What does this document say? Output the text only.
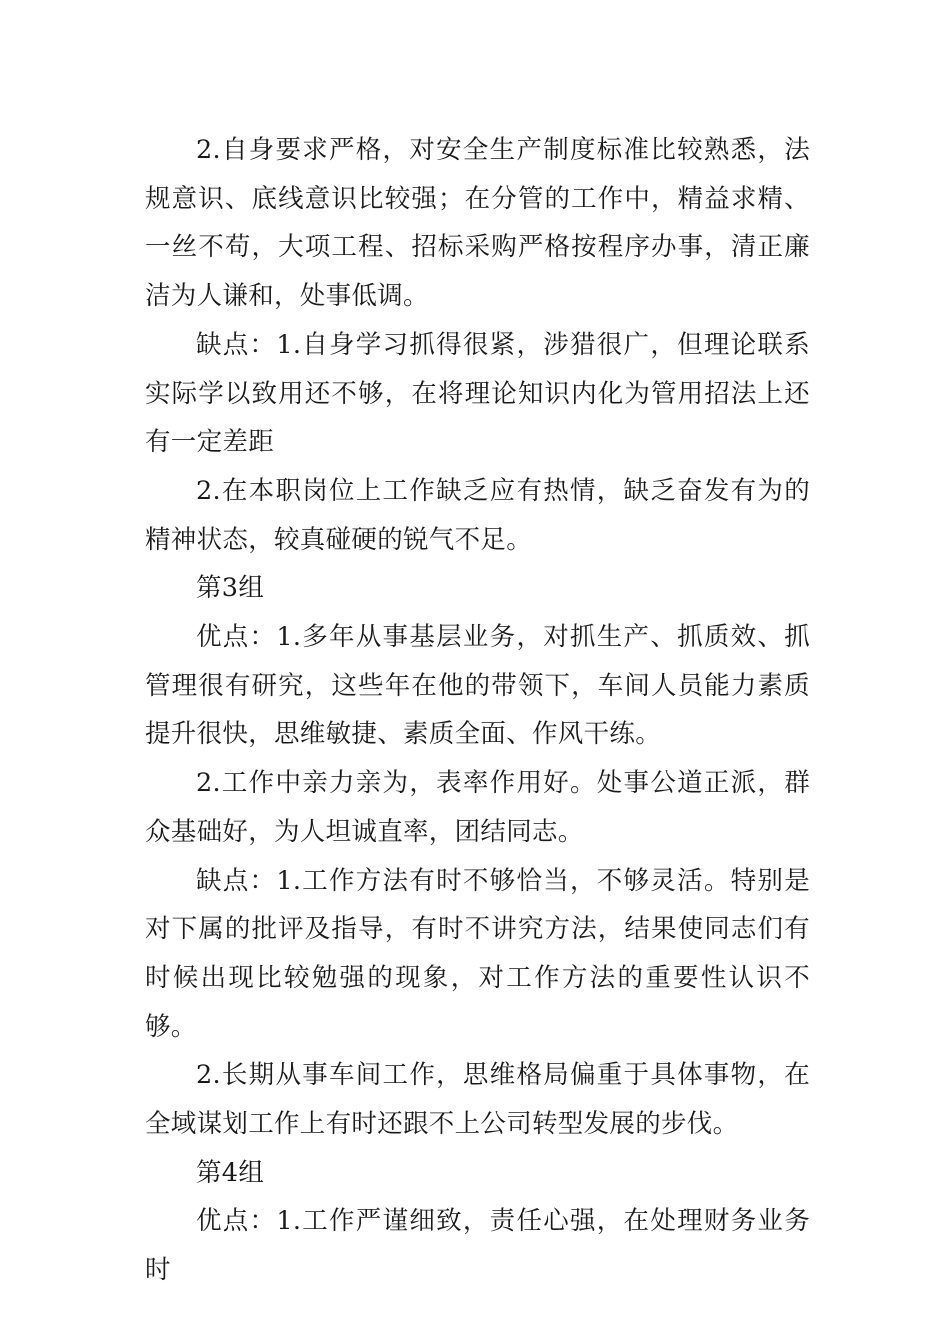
2.自身要求严格，对安全生产制度标准比较熟悉，法规意识、底线意识比较强；在分管的工作中，精益求精、一丝不苟，大项工程、招标采购严格按程序办事，清正廉洁为人谦和，处事低调。

缺点：1.自身学习抓得很紧，涉猎很广，但理论联系实际学以致用还不够，在将理论知识内化为管用招法上还有一定差距

2.在本职岗位上工作缺乏应有热情，缺乏奋发有为的精神状态，较真碰硬的锐气不足。

第3组

优点：1.多年从事基层业务，对抓生产、抓质效、抓管理很有研究，这些年在他的带领下，车间人员能力素质提升很快，思维敏捷、素质全面、作风干练。

2.工作中亲力亲为，表率作用好。处事公道正派，群众基础好，为人坦诚直率，团结同志。

缺点：1.工作方法有时不够恰当，不够灵活。特别是对下属的批评及指导，有时不讲究方法，结果使同志们有时候出现比较勉强的现象，对工作方法的重要性认识不够。

2.长期从事车间工作，思维格局偏重于具体事物，在全域谋划工作上有时还跟不上公司转型发展的步伐。

第4组

优点：1.工作严谨细致，责任心强，在处理财务业务时
